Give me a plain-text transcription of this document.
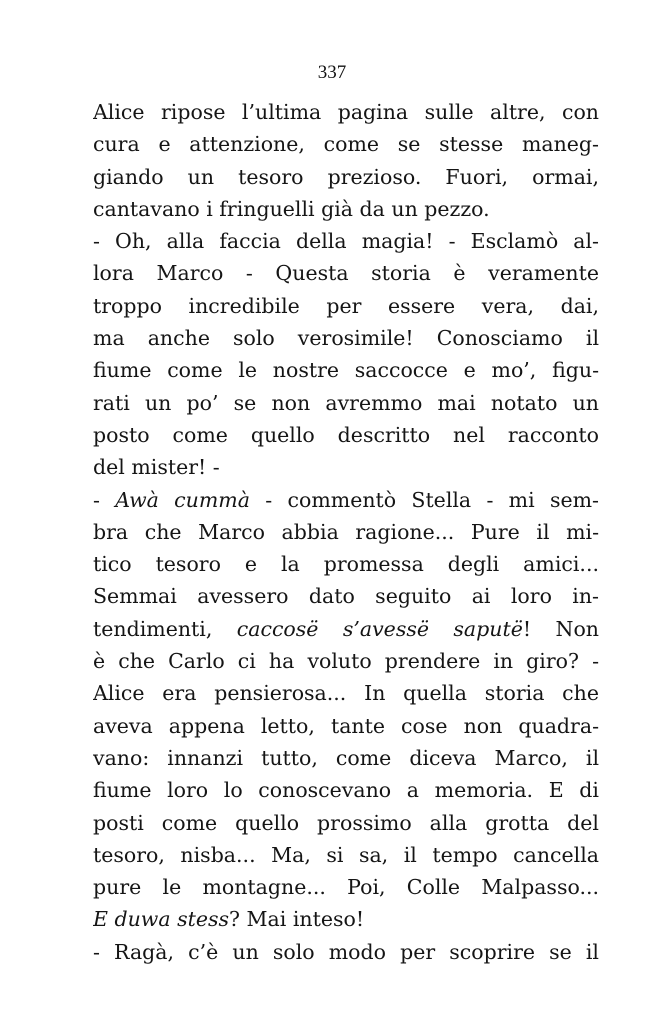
337
Alice ripose l’ultima pagina sulle altre, con
cura e attenzione, come se stesse maneg-
giando un tesoro prezioso. Fuori, ormai,
cantavano i fringuelli già da un pezzo.
- Oh, alla faccia della magia! - Esclamò al-
lora Marco - Questa storia è veramente
troppo incredibile per essere vera, dai,
ma anche solo verosimile! Conosciamo il
fiume come le nostre saccocce e mo’, figu-
rati un po’ se non avremmo mai notato un
posto come quello descritto nel racconto
del mister! -
- Awà cummà - commentò Stella - mi sem-
bra che Marco abbia ragione... Pure il mi-
tico tesoro e la promessa degli amici...
Semmai avessero dato seguito ai loro in-
tendimenti, caccosë s’avessë saputë! Non
è che Carlo ci ha voluto prendere in giro? -
Alice era pensierosa... In quella storia che
aveva appena letto, tante cose non quadra-
vano: innanzi tutto, come diceva Marco, il
fiume loro lo conoscevano a memoria. E di
posti come quello prossimo alla grotta del
tesoro, nisba... Ma, si sa, il tempo cancella
pure le montagne... Poi, Colle Malpasso...
E duwa stess? Mai inteso!
- Ragà, c’è un solo modo per scoprire se il
